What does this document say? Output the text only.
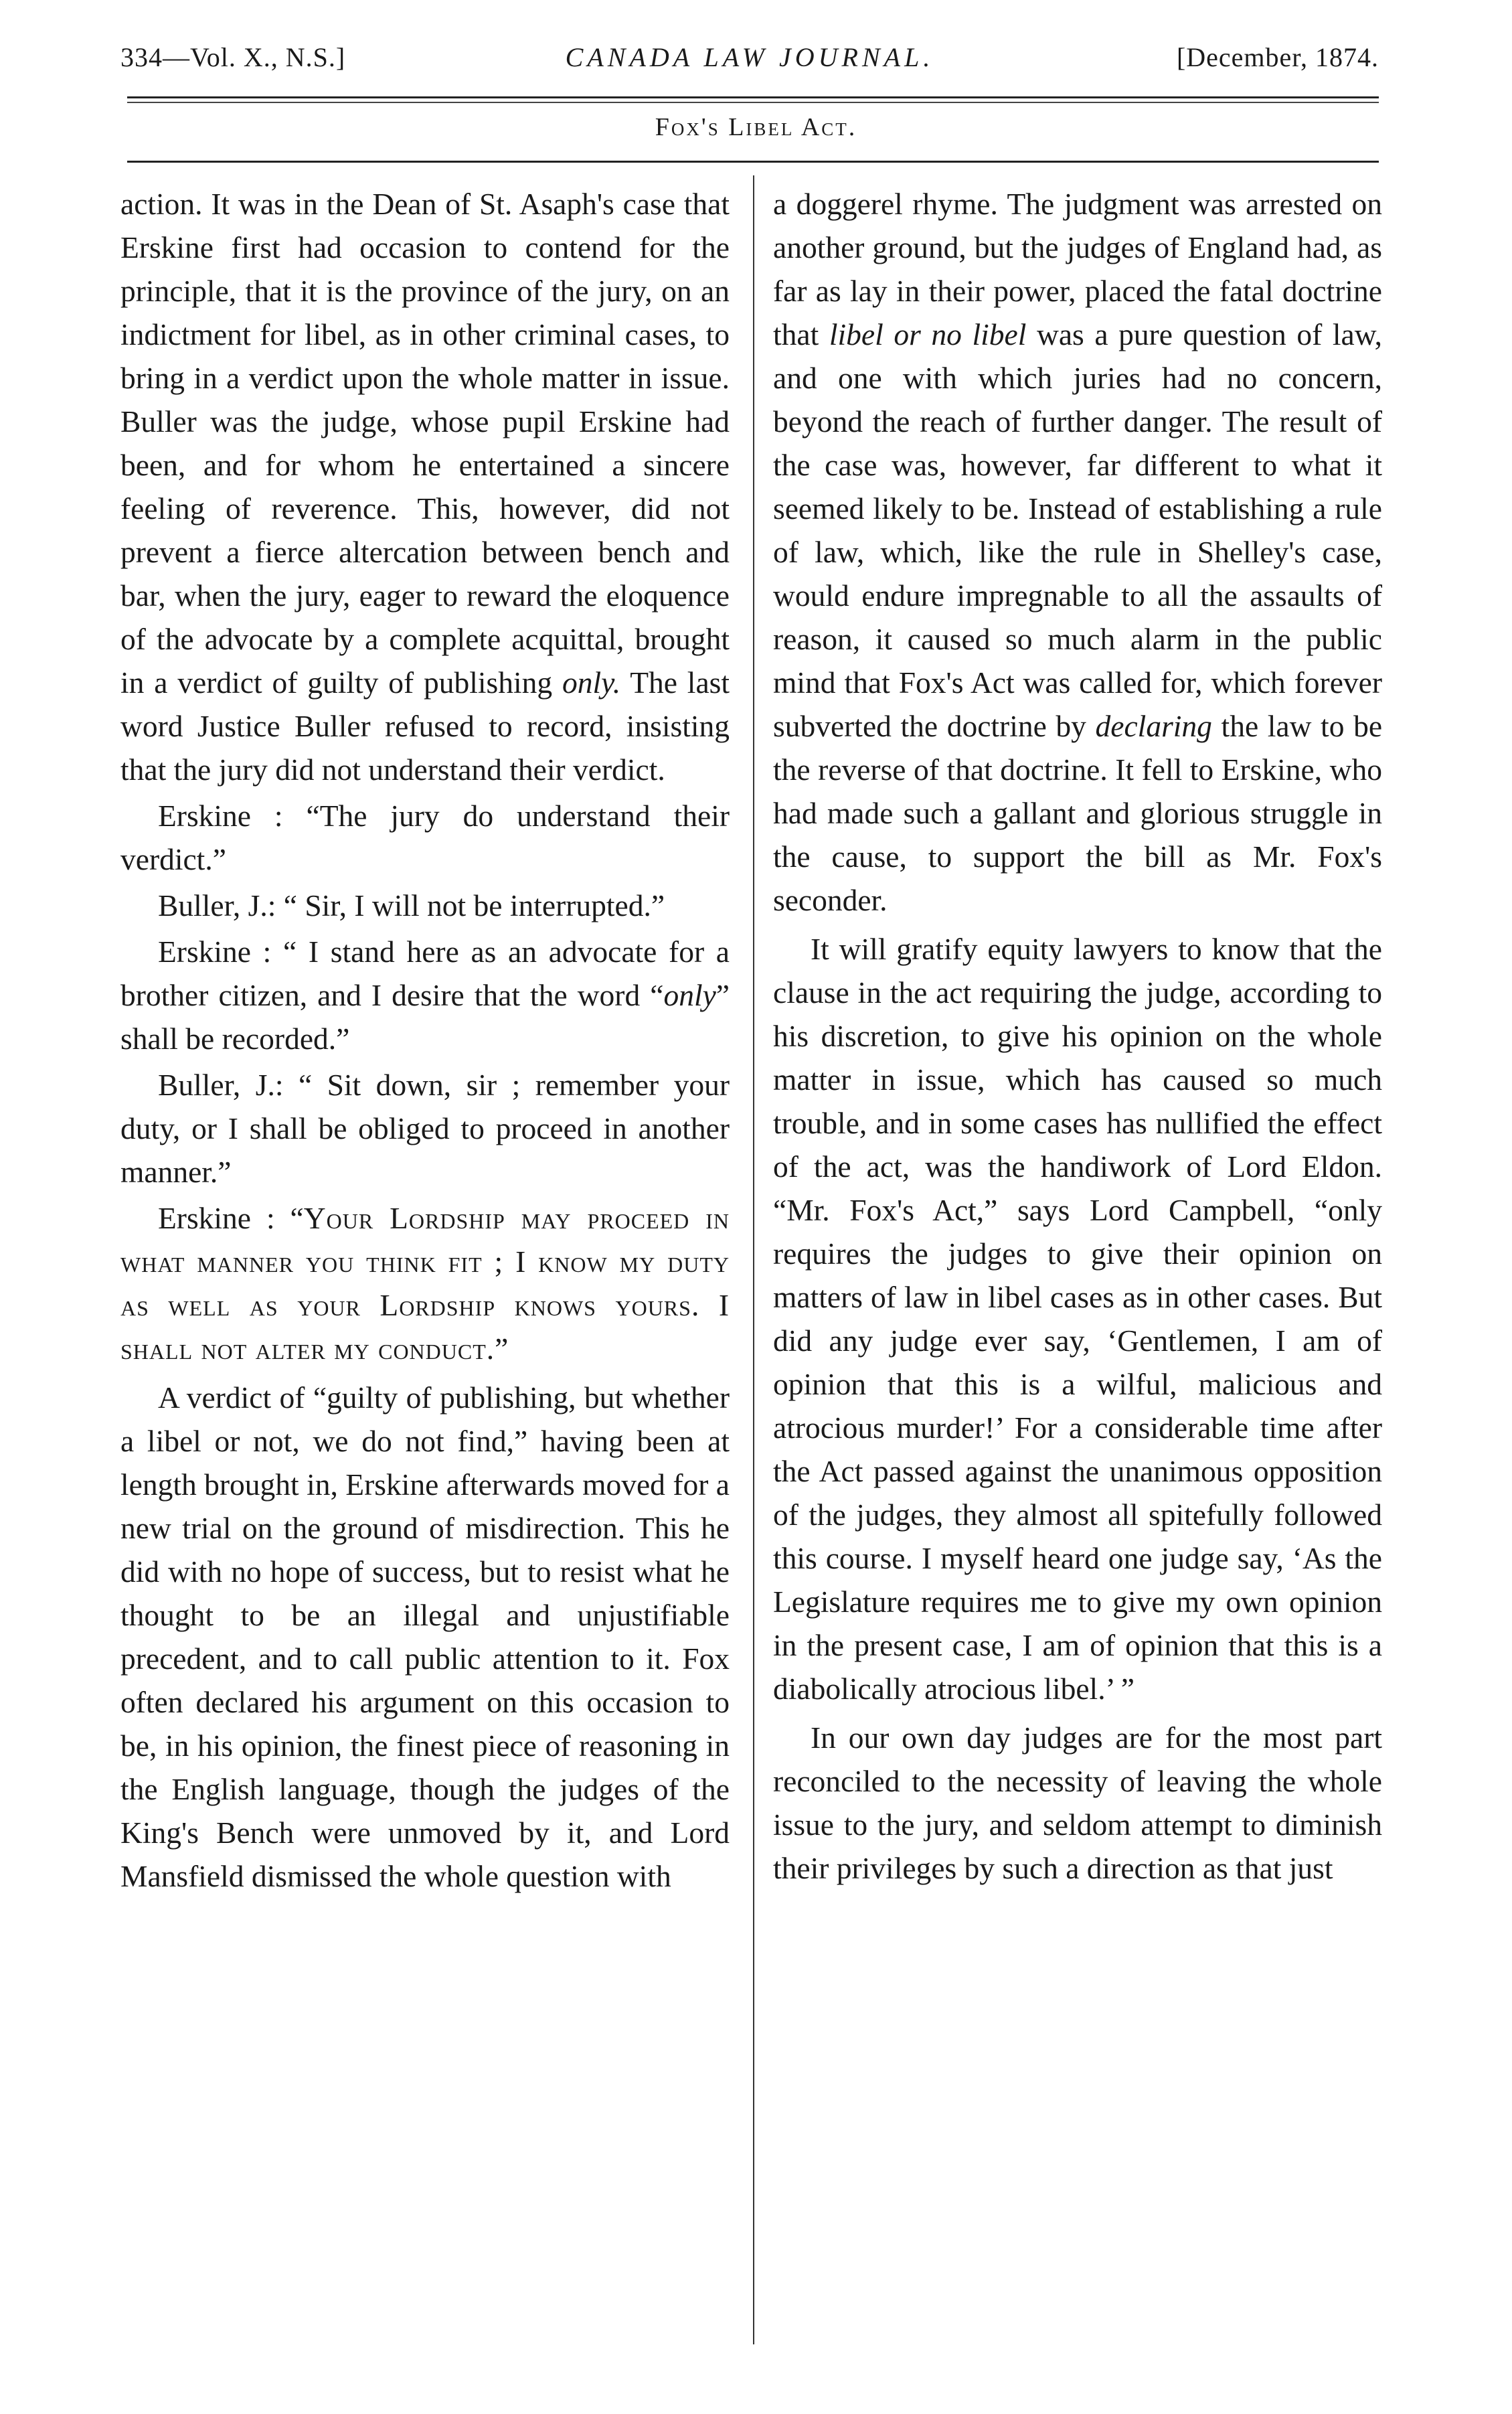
334—Vol. X., N.S.]	CANADA LAW JOURNAL.	[December, 1874.
Fox's Libel Act.

action. It was in the Dean of St. Asaph's case that Erskine first had occasion to contend for the principle, that it is the province of the jury, on an indictment for libel, as in other criminal cases, to bring in a verdict upon the whole matter in issue. Buller was the judge, whose pupil Erskine had been, and for whom he entertained a sincere feeling of reverence. This, however, did not prevent a fierce altercation between bench and bar, when the jury, eager to reward the eloquence of the advocate by a complete acquittal, brought in a verdict of guilty of publishing only. The last word Justice Buller refused to record, insisting that the jury did not understand their verdict.

Erskine : “The jury do understand their verdict.”

Buller, J.: “ Sir, I will not be interrupted.”

Erskine : “ I stand here as an advocate for a brother citizen, and I desire that the word “only” shall be recorded.”

Buller, J.: “ Sit down, sir ; remember your duty, or I shall be obliged to proceed in another manner.”

Erskine : “Your Lordship may proceed in what manner you think fit ; I know my duty as well as your Lordship knows yours. I shall not alter my conduct.”

A verdict of “guilty of publishing, but whether a libel or not, we do not find,” having been at length brought in, Erskine afterwards moved for a new trial on the ground of misdirection. This he did with no hope of success, but to resist what he thought to be an illegal and unjustifiable precedent, and to call public attention to it. Fox often declared his argument on this occasion to be, in his opinion, the finest piece of reasoning in the English language, though the judges of the King's Bench were unmoved by it, and Lord Mansfield dismissed the whole question with

a doggerel rhyme. The judgment was arrested on another ground, but the judges of England had, as far as lay in their power, placed the fatal doctrine that libel or no libel was a pure question of law, and one with which juries had no concern, beyond the reach of further danger. The result of the case was, however, far different to what it seemed likely to be. Instead of establishing a rule of law, which, like the rule in Shelley's case, would endure impregnable to all the assaults of reason, it caused so much alarm in the public mind that Fox's Act was called for, which forever subverted the doctrine by declaring the law to be the reverse of that doctrine. It fell to Erskine, who had made such a gallant and glorious struggle in the cause, to support the bill as Mr. Fox's seconder.

It will gratify equity lawyers to know that the clause in the act requiring the judge, according to his discretion, to give his opinion on the whole matter in issue, which has caused so much trouble, and in some cases has nullified the effect of the act, was the handiwork of Lord Eldon. “Mr. Fox's Act,” says Lord Campbell, “only requires the judges to give their opinion on matters of law in libel cases as in other cases. But did any judge ever say, ‘Gentlemen, I am of opinion that this is a wilful, malicious and atrocious murder!’ For a considerable time after the Act passed against the unanimous opposition of the judges, they almost all spitefully followed this course. I myself heard one judge say, ‘As the Legislature requires me to give my own opinion in the present case, I am of opinion that this is a diabolically atrocious libel.’ ”

In our own day judges are for the most part reconciled to the necessity of leaving the whole issue to the jury, and seldom attempt to diminish their privileges by such a direction as that just
